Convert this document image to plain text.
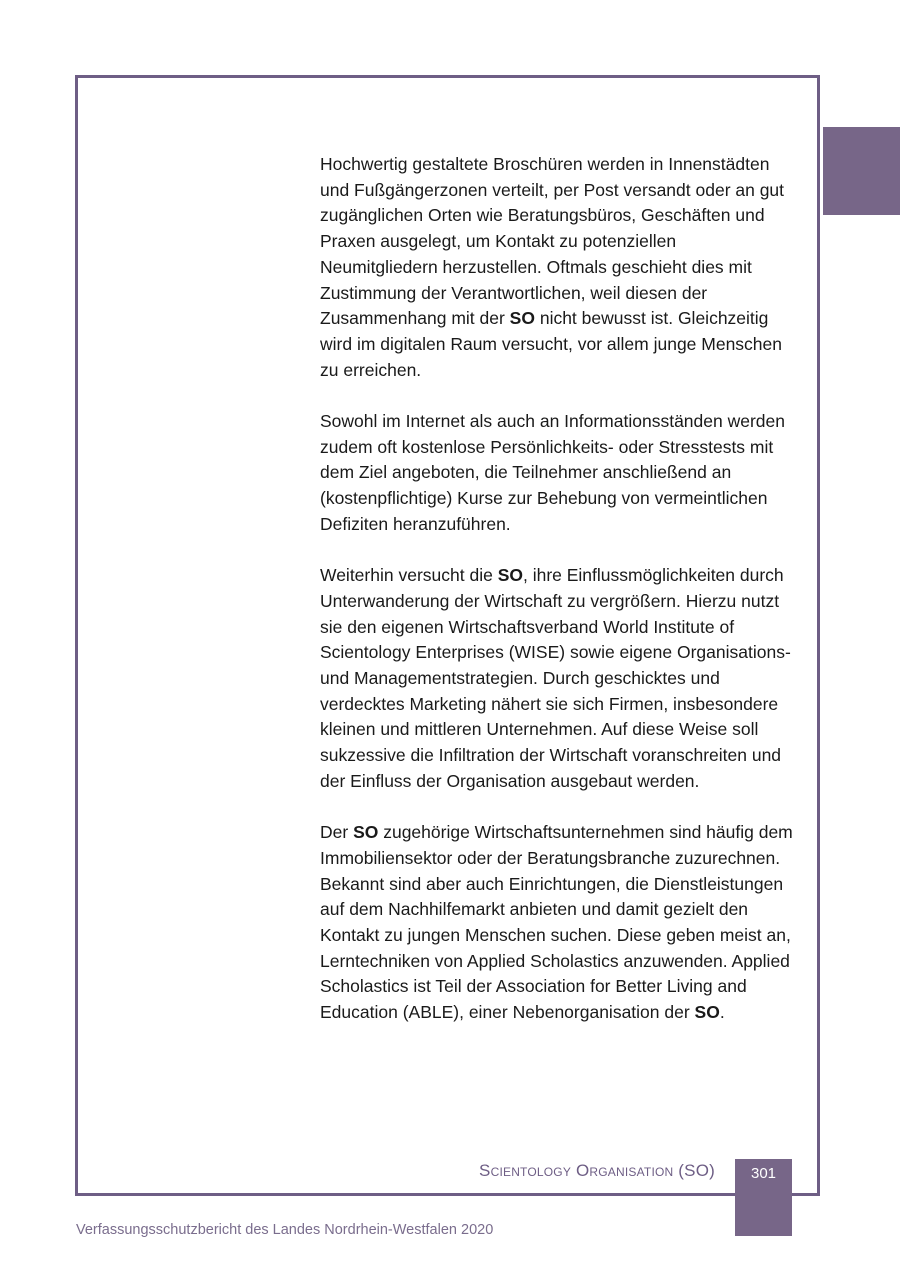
Hochwertig gestaltete Broschüren werden in Innenstädten und Fußgängerzonen verteilt, per Post versandt oder an gut zugänglichen Orten wie Beratungsbüros, Geschäften und Praxen ausgelegt, um Kontakt zu potenziellen Neumitgliedern herzustellen. Oftmals geschieht dies mit Zustimmung der Verantwortlichen, weil diesen der Zusammenhang mit der SO nicht bewusst ist. Gleichzeitig wird im digitalen Raum versucht, vor allem junge Menschen zu erreichen.

Sowohl im Internet als auch an Informationsständen werden zudem oft kostenlose Persönlichkeits- oder Stresstests mit dem Ziel angeboten, die Teilnehmer anschließend an (kostenpflichtige) Kurse zur Behebung von vermeintlichen Defiziten heranzuführen.

Weiterhin versucht die SO, ihre Einflussmöglichkeiten durch Unterwanderung der Wirtschaft zu vergrößern. Hierzu nutzt sie den eigenen Wirtschaftsverband World Institute of Scientology Enterprises (WISE) sowie eigene Organisations- und Managementstrategien. Durch geschicktes und verdecktes Marketing nähert sie sich Firmen, insbesondere kleinen und mittleren Unternehmen. Auf diese Weise soll sukzessive die Infiltration der Wirtschaft voranschreiten und der Einfluss der Organisation ausgebaut werden.

Der SO zugehörige Wirtschaftsunternehmen sind häufig dem Immobiliensektor oder der Beratungsbranche zuzurechnen. Bekannt sind aber auch Einrichtungen, die Dienstleistungen auf dem Nachhilfemarkt anbieten und damit gezielt den Kontakt zu jungen Menschen suchen. Diese geben meist an, Lerntechniken von Applied Scholastics anzuwenden. Applied Scholastics ist Teil der Association for Better Living and Education (ABLE), einer Nebenorganisation der SO.

Scientology Organisation (SO)	301
Verfassungsschutzbericht des Landes Nordrhein-Westfalen 2020
